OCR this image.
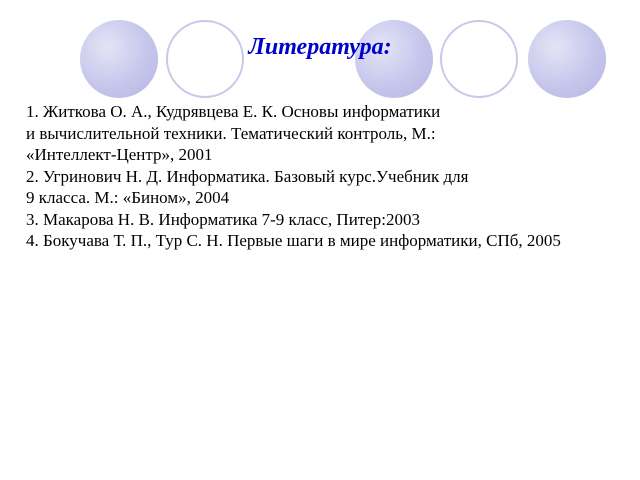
Литература:
1. Житкова О. А., Кудрявцева Е. К. Основы информатики
и вычислительной техники. Тематический контроль, М.:
«Интеллект-Центр», 2001
2. Угринович Н. Д. Информатика. Базовый курс.Учебник для
9 класса. М.: «Бином», 2004
3. Макарова Н. В. Информатика 7-9 класс, Питер:2003
4. Бокучава Т. П., Тур С. Н. Первые шаги в мире информатики, СПб, 2005
